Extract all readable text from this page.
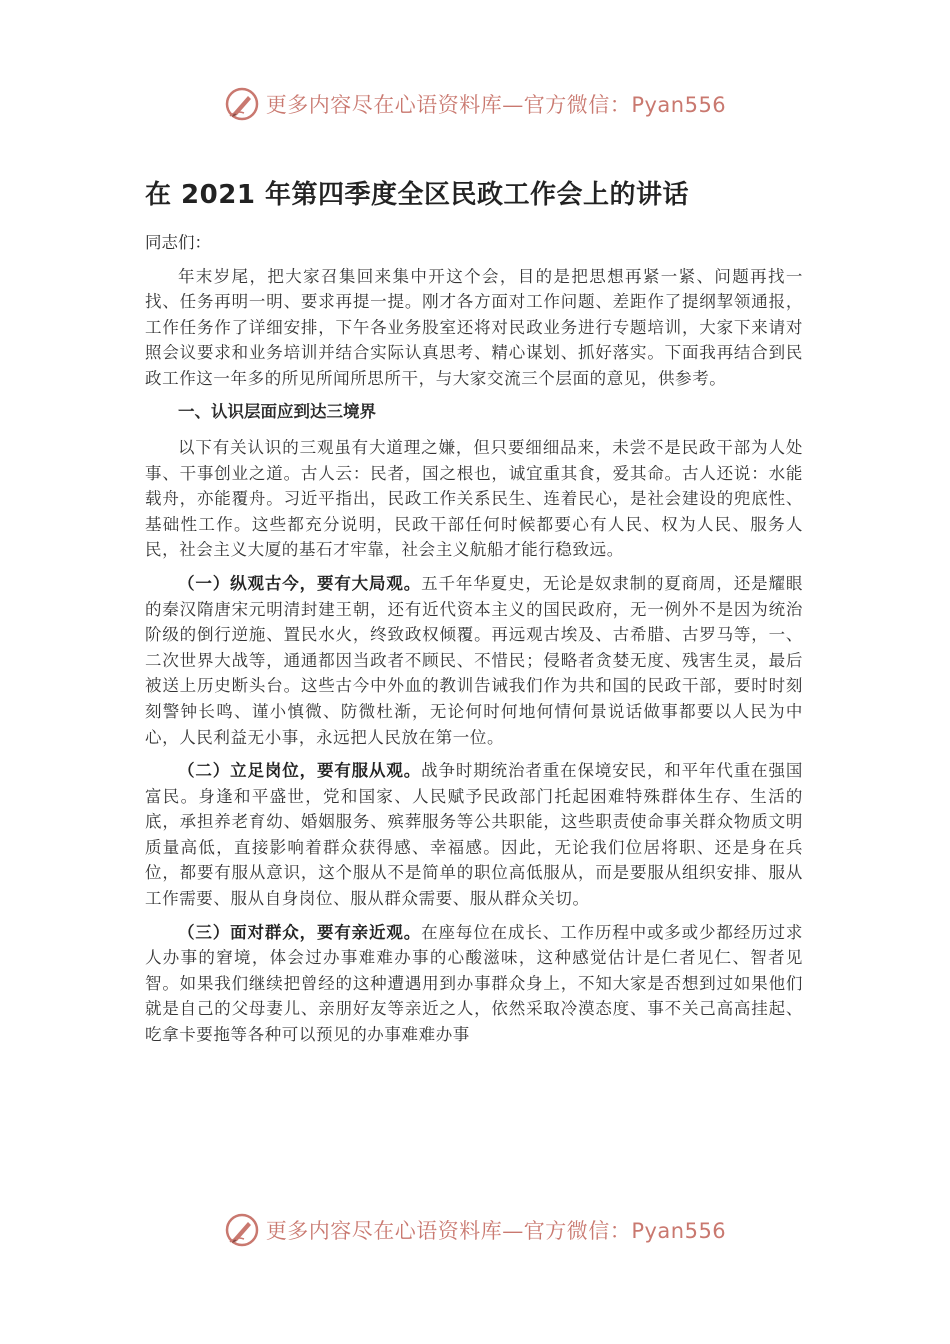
更多内容尽在心语资料库—官方微信：Pyan556
在 2021 年第四季度全区民政工作会上的讲话

同志们：

年末岁尾，把大家召集回来集中开这个会，目的是把思想再紧一紧、问题再找一找、任务再明一明、要求再提一提。刚才各方面对工作问题、差距作了提纲挈领通报，工作任务作了详细安排，下午各业务股室还将对民政业务进行专题培训，大家下来请对照会议要求和业务培训并结合实际认真思考、精心谋划、抓好落实。下面我再结合到民政工作这一年多的所见所闻所思所干，与大家交流三个层面的意见，供参考。

一、认识层面应到达三境界

以下有关认识的三观虽有大道理之嫌，但只要细细品来，未尝不是民政干部为人处事、干事创业之道。古人云：民者，国之根也，诚宜重其食，爱其命。古人还说：水能载舟，亦能覆舟。习近平指出，民政工作关系民生、连着民心，是社会建设的兜底性、基础性工作。这些都充分说明，民政干部任何时候都要心有人民、权为人民、服务人民，社会主义大厦的基石才牢靠，社会主义航船才能行稳致远。

（一）纵观古今，要有大局观。五千年华夏史，无论是奴隶制的夏商周，还是耀眼的秦汉隋唐宋元明清封建王朝，还有近代资本主义的国民政府，无一例外不是因为统治阶级的倒行逆施、置民水火，终致政权倾覆。再远观古埃及、古希腊、古罗马等，一、二次世界大战等，通通都因当政者不顾民、不惜民；侵略者贪婪无度、残害生灵，最后被送上历史断头台。这些古今中外血的教训告诫我们作为共和国的民政干部，要时时刻刻警钟长鸣、谨小慎微、防微杜渐，无论何时何地何情何景说话做事都要以人民为中心，人民利益无小事，永远把人民放在第一位。

（二）立足岗位，要有服从观。战争时期统治者重在保境安民，和平年代重在强国富民。身逢和平盛世，党和国家、人民赋予民政部门托起困难特殊群体生存、生活的底，承担养老育幼、婚姻服务、殡葬服务等公共职能，这些职责使命事关群众物质文明质量高低，直接影响着群众获得感、幸福感。因此，无论我们位居将职、还是身在兵位，都要有服从意识，这个服从不是简单的职位高低服从，而是要服从组织安排、服从工作需要、服从自身岗位、服从群众需要、服从群众关切。

（三）面对群众，要有亲近观。在座每位在成长、工作历程中或多或少都经历过求人办事的窘境，体会过办事难难办事的心酸滋味，这种感觉估计是仁者见仁、智者见智。如果我们继续把曾经的这种遭遇用到办事群众身上，不知大家是否想到过如果他们就是自己的父母妻儿、亲朋好友等亲近之人，依然采取冷漠态度、事不关己高高挂起、吃拿卡要拖等各种可以预见的办事难难办事

更多内容尽在心语资料库—官方微信：Pyan556
